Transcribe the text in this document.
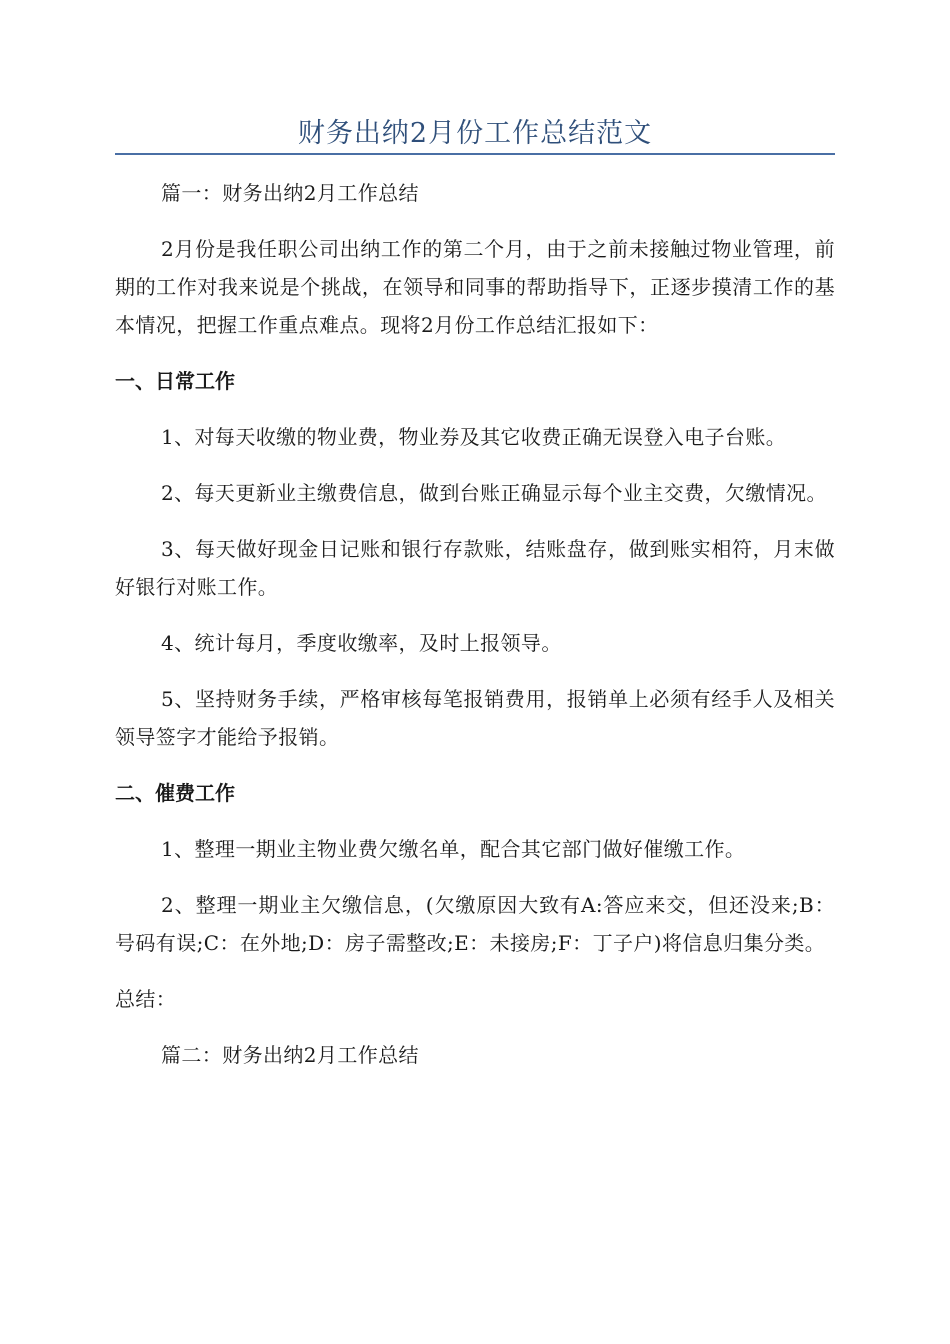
财务出纳2月份工作总结范文

篇一：财务出纳2月工作总结

2月份是我任职公司出纳工作的第二个月，由于之前未接触过物业管理，前期的工作对我来说是个挑战，在领导和同事的帮助指导下，正逐步摸清工作的基本情况，把握工作重点难点。现将2月份工作总结汇报如下：

一、日常工作

1、对每天收缴的物业费，物业券及其它收费正确无误登入电子台账。

2、每天更新业主缴费信息，做到台账正确显示每个业主交费，欠缴情况。

3、每天做好现金日记账和银行存款账，结账盘存，做到账实相符，月末做好银行对账工作。

4、统计每月，季度收缴率，及时上报领导。

5、坚持财务手续，严格审核每笔报销费用，报销单上必须有经手人及相关领导签字才能给予报销。

二、催费工作

1、整理一期业主物业费欠缴名单，配合其它部门做好催缴工作。

2、整理一期业主欠缴信息，(欠缴原因大致有A:答应来交，但还没来;B：号码有误;C：在外地;D：房子需整改;E：未接房;F：丁子户)将信息归集分类。

总结：

篇二：财务出纳2月工作总结
